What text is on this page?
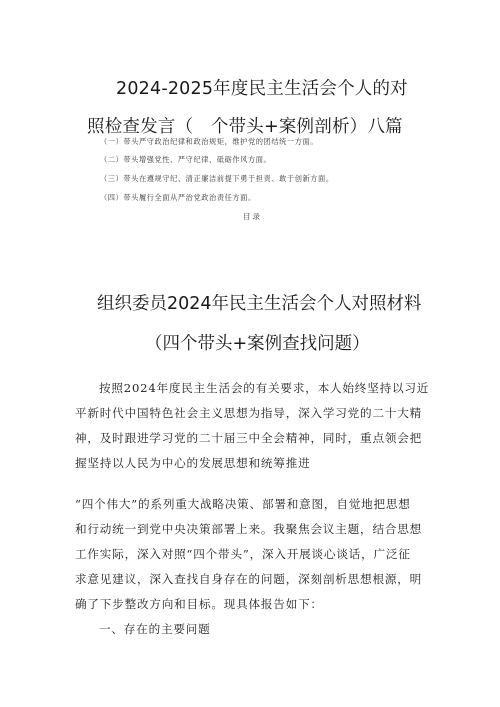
2024-2025年度民主生活会个人的对
照检查发言（　个带头+案例剖析）八篇
（一）带头严守政治纪律和政治规矩，维护党的团结统一方面。
（二）带头增强党性、严守纪律、砥砺作风方面。
（三）带头在遵规守纪、清正廉洁前提下勇于担责、敢于创新方面。
（四）带头履行全面从严治党政治责任方面。
目录
组织委员2024年民主生活会个人对照材料
（四个带头+案例查找问题）
按照2024年度民主生活会的有关要求，本人始终坚持以习近
平新时代中国特色社会主义思想为指导，深入学习党的二十大精
神，及时跟进学习党的二十届三中全会精神，同时，重点领会把
握坚持以人民为中心的发展思想和统筹推进
“四个伟大”的系列重大战略决策、部署和意图，自觉地把思想
和行动统一到党中央决策部署上来。我聚焦会议主题，结合思想
工作实际，深入对照“四个带头”，深入开展谈心谈话，广泛征
求意见建议，深入查找自身存在的问题，深刻剖析思想根源，明
确了下步整改方向和目标。现具体报告如下：
一、存在的主要问题
